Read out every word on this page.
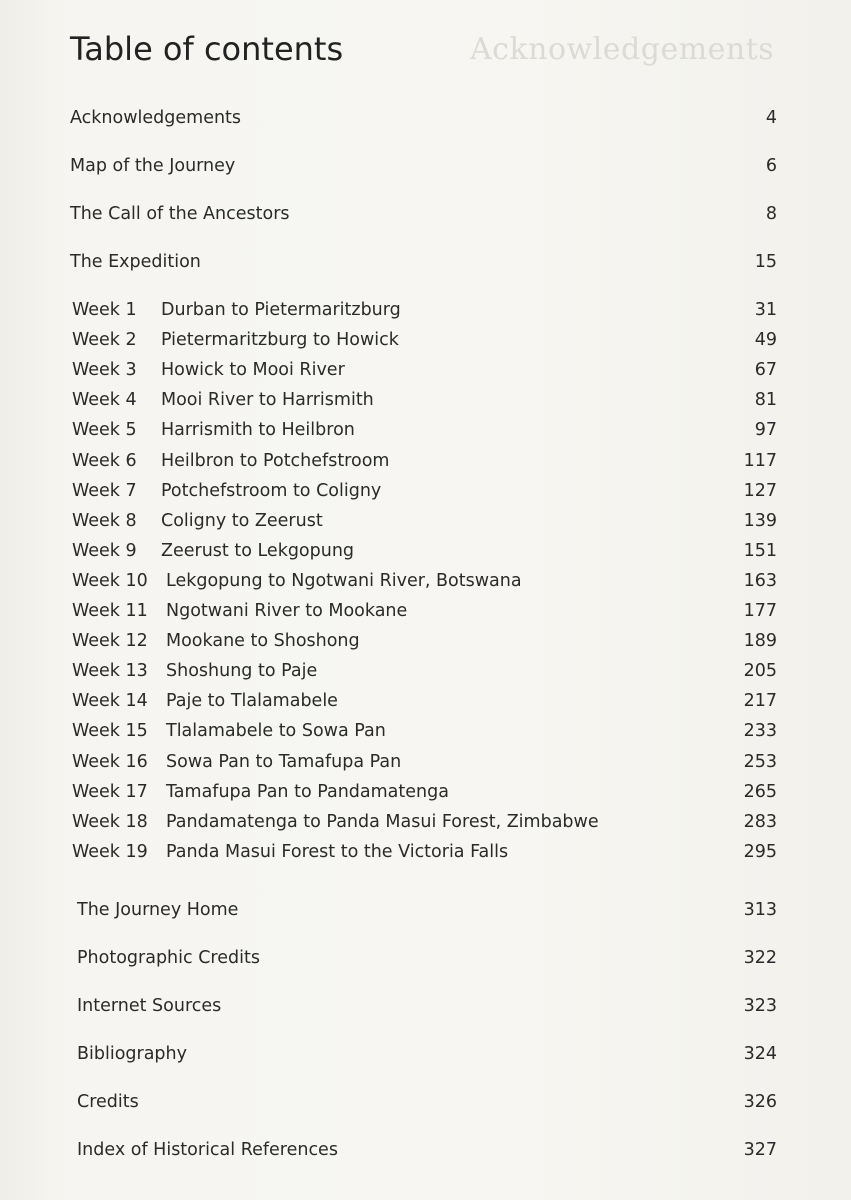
Acknowledgements
Table of contents
Acknowledgements	4
Map of the Journey	6
The Call of the Ancestors	8
The Expedition	15
Week 1 Durban to Pietermaritzburg	31
Week 2 Pietermaritzburg to Howick	49
Week 3 Howick to Mooi River	67
Week 4 Mooi River to Harrismith	81
Week 5 Harrismith to Heilbron	97
Week 6 Heilbron to Potchefstroom	117
Week 7 Potchefstroom to Coligny	127
Week 8 Coligny to Zeerust	139
Week 9 Zeerust to Lekgopung	151
Week 10 Lekgopung to Ngotwani River, Botswana	163
Week 11 Ngotwani River to Mookane	177
Week 12 Mookane to Shoshong	189
Week 13 Shoshung to Paje	205
Week 14 Paje to Tlalamabele	217
Week 15 Tlalamabele to Sowa Pan	233
Week 16 Sowa Pan to Tamafupa Pan	253
Week 17 Tamafupa Pan to Pandamatenga	265
Week 18 Pandamatenga to Panda Masui Forest, Zimbabwe	283
Week 19 Panda Masui Forest to the Victoria Falls	295
The Journey Home	313
Photographic Credits	322
Internet Sources	323
Bibliography	324
Credits	326
Index of Historical References	327
